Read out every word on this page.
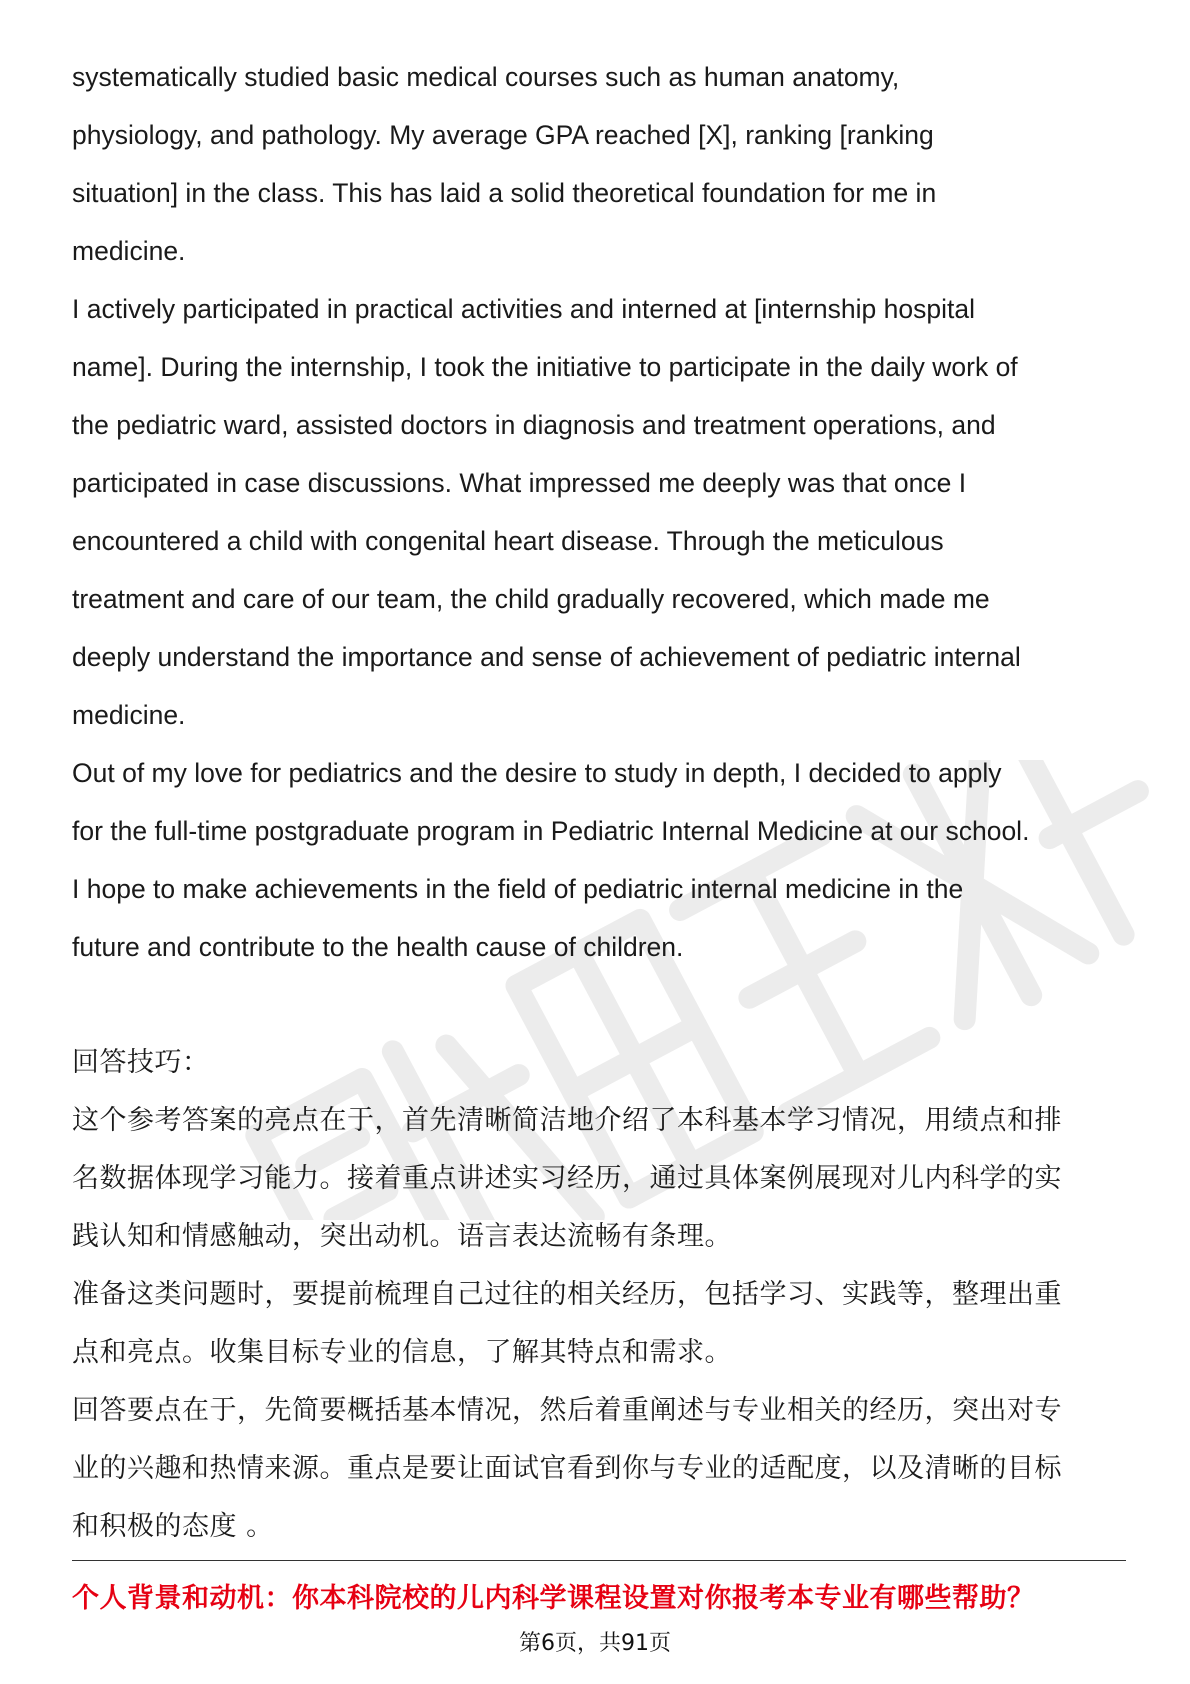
systematically studied basic medical courses such as human anatomy,
physiology, and pathology. My average GPA reached [X], ranking [ranking
situation] in the class. This has laid a solid theoretical foundation for me in
medicine.
I actively participated in practical activities and interned at [internship hospital
name]. During the internship, I took the initiative to participate in the daily work of
the pediatric ward, assisted doctors in diagnosis and treatment operations, and
participated in case discussions. What impressed me deeply was that once I
encountered a child with congenital heart disease. Through the meticulous
treatment and care of our team, the child gradually recovered, which made me
deeply understand the importance and sense of achievement of pediatric internal
medicine.
Out of my love for pediatrics and the desire to study in depth, I decided to apply
for the full-time postgraduate program in Pediatric Internal Medicine at our school.
I hope to make achievements in the field of pediatric internal medicine in the
future and contribute to the health cause of children.
回答技巧：
这个参考答案的亮点在于，首先清晰简洁地介绍了本科基本学习情况，用绩点和排
名数据体现学习能力。接着重点讲述实习经历，通过具体案例展现对儿内科学的实
践认知和情感触动，突出动机。语言表达流畅有条理。
准备这类问题时，要提前梳理自己过往的相关经历，包括学习、实践等，整理出重
点和亮点。收集目标专业的信息，了解其特点和需求。
回答要点在于，先简要概括基本情况，然后着重阐述与专业相关的经历，突出对专
业的兴趣和热情来源。重点是要让面试官看到你与专业的适配度，以及清晰的目标
和积极的态度 。
个人背景和动机：你本科院校的儿内科学课程设置对你报考本专业有哪些帮助？
第6页，共91页
